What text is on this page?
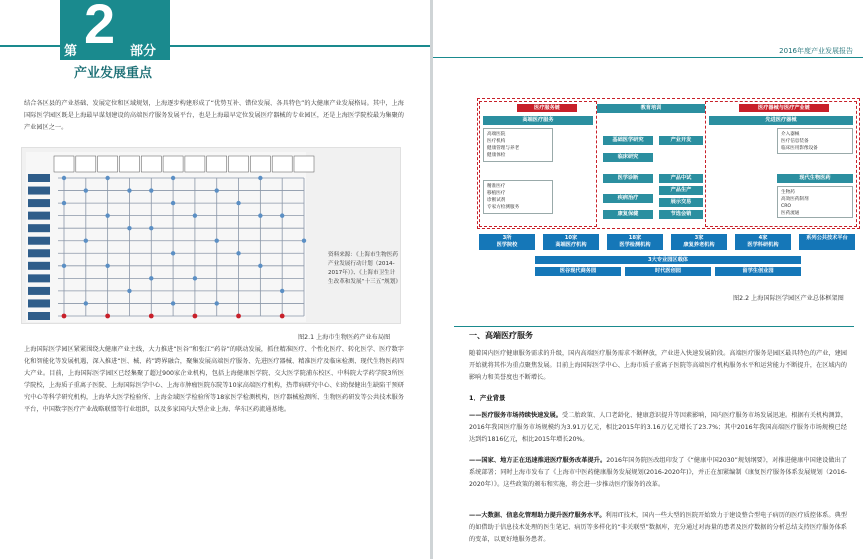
第 2 部分
产业发展重点

结合各区县的产业基础、发展定位和区域规划，上海逐步构建形成了“优势互补、错位发展、各具特色”的大健康产业发展格局。其中，上海国际医学园区既是上海最早谋划建设的高端医疗服务发展平台，也是上海最早定位发展医疗器械的专业园区，还是上海医学院校最为集聚的产业园区之一。

资料来源：《上海市生物医药产业发展行动计划（2014-2017年）》、《上海市卫生计生改革和发展“十三五”规划》
图2.1 上海市生物医药产业布局图

上海国际医学园区紧紧围绕大健康产业主线，大力推进“医谷”和张江“药谷”的联动发展，抓住精准医疗、个性化医疗、转化医学、医疗数字化和智能化等发展机遇，深入推进“医、械、药”跨界融合，聚集发展高端医疗服务、先进医疗器械、精准医疗及临床检测、现代生物医药四大产业。目前，上海国际医学园区已经集聚了超过900家企业机构，包括上海健康医学院、交大医学院浦东校区、中科院大学药学院3所医学院校，上海质子重离子医院、上海国际医学中心、上海市肿瘤医院东院等10家高端医疗机构，热带病研究中心、妇幼保健出生缺陷干预研究中心等科学研究机构，上海华大医学检验所、上海金域医学检验所等18家医学检测机构，医疗器械检测所、生物医药研发等公共技术服务平台，中国数字医疗产业战略联盟等行业组织，以及多家国内大型企业上海、华东区药流通基地。

2016年度产业发展报告
医疗服务链
高端医疗服务
高端医院
医疗机构
健康管理与养老
健康体检
精准医疗
移植医疗
诊断试剂
专家方检测服务
教育培训
基础医学研究
临床研究
医学诊断
疾病治疗
康复保健
产业开发
产品中试
产品生产
展示交易
节选会销
医疗器械与医疗产业链
先进医疗器械
介入器械
医疗信息装备
临床医用影像设备
现代生物医药
生物药
高效医药制剂
CRO
医药流通
3所
医学院校
10家
高端医疗机构
18家
医学检测机构
3家
康复养老机构
4家
医学科研机构
系列公共技术平台
3大专业园区载体
医谷现代商务园	时代医创园	留学生创业园
图2.2 上海国际医学园区产业总体框架图
一、高端医疗服务

随着国内医疗健康服务需求的升级，国内高端医疗服务需求不断释放，产业进入快速发展阶段。高端医疗服务是园区最具特色的产业，建园开始就将其作为重点聚焦发展。目前上海国际医学中心、上海市质子重离子医院等高端医疗机构服务水平和运营能力不断提升，在区域内的影响力和美誉度也不断增长。

1．产业背景

——医疗服务市场持续快速发展。受二胎政策、人口老龄化、健康意识提升等因素影响，国内医疗服务市场发展迅速。根据有关机构测算，2016年我国医疗服务市场规模约为3.91万亿元，相比2015年的3.16万亿元增长了23.7%；其中2016年我国高端医疗服务市场规模已经达到约1816亿元，相比2015年增长20%。

——国家、地方正在迅速推进医疗服务改革提升。2016年国务院医改组印发了《“健康中国2030”规划纲要》，对推进健康中国建设做出了系统部署；同时上海市发布了《上海市中医药健康服务发展规划(2016-2020年)》，并正在加紧编制《康复医疗服务体系发展规划（2016-2020年）》。这些政策的颁布和实施，将会进一步推动医疗服务的改革。

——大数据、信息化管理助力提升医疗服务水平。利用IT技术，国内一些大型的医院开始致力于建设整合型电子病历的医疗质控体系。典型的如借助于信息技术处理的医生笔记、病历等多样化的“非关联型”数据库，充分通过对海量的患者及医疗数据的分析总结支持医疗服务体系的变革，以更好地服务患者。
